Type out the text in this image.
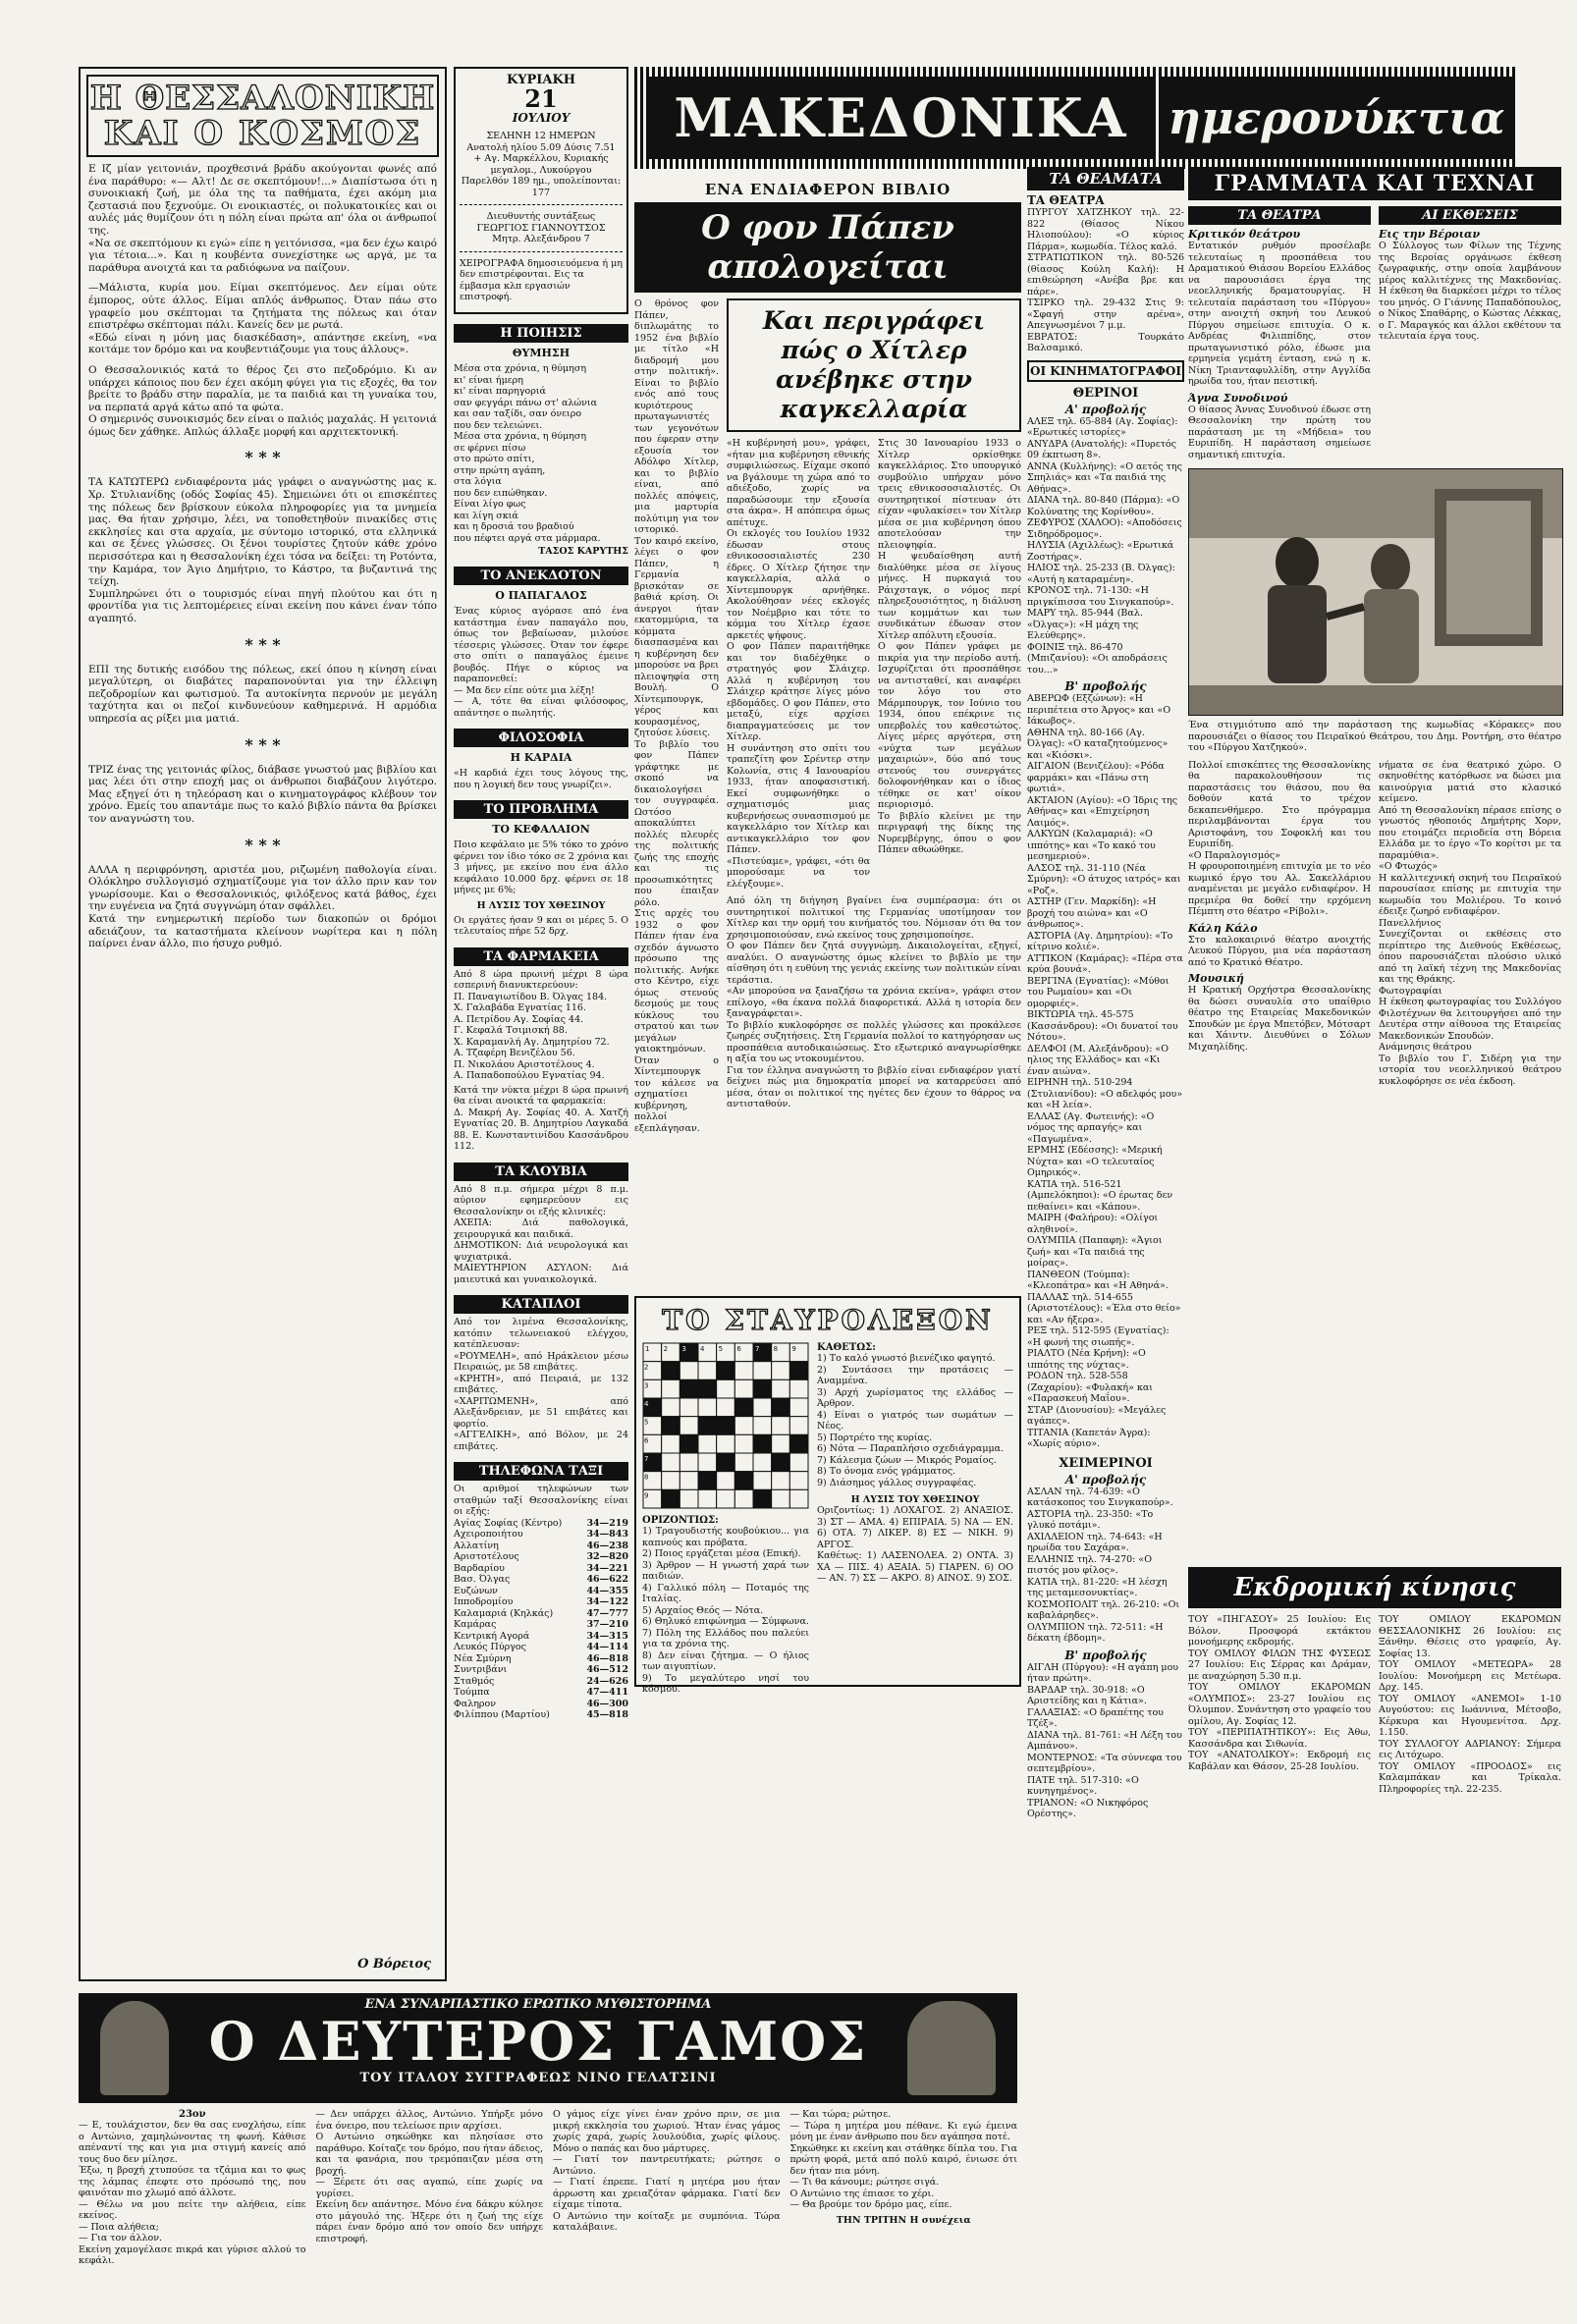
Η ΘΕΣΣΑΛΟΝΙΚΗ
ΚΑΙ Ο ΚΟΣΜΟΣ

Ε Ιζ μίαν γειτονιάν, προχθεσινά βράδυ ακούγονται φωνές από ένα παράθυρο: «— Αλτ! Δε σε σκεπτόμουν!...» Διαπίστωσα ότι η συνοικιακή ζωή, με όλα της τα παθήματα, έχει ακόμη μια ζεστασιά που ξεχνούμε. Οι ενοικιαστές, οι πολυκατοικίες και οι αυλές μάς θυμίζουν ότι η πόλη είναι πρώτα απ' όλα οι άνθρωποί της.
«Να σε σκεπτόμουν κι εγώ» είπε η γειτόνισσα, «μα δεν έχω καιρό για τέτοια...». Και η κουβέντα συνεχίστηκε ως αργά, με τα παράθυρα ανοιχτά και τα ραδιόφωνα να παίζουν.

—Μάλιστα, κυρία μου. Είμαι σκεπτόμενος. Δεν είμαι ούτε έμπορος, ούτε άλλος. Είμαι απλός άνθρωπος. Όταν πάω στο γραφείο μου σκέπτομαι τα ζητήματα της πόλεως και όταν επιστρέφω σκέπτομαι πάλι. Κανείς δεν με ρωτά.
«Εδώ είναι η μόνη μας διασκέδαση», απάντησε εκείνη, «να κοιτάμε τον δρόμο και να κουβεντιάζουμε για τους άλλους».

Ο Θεσσαλονικιός κατά το θέρος ζει στο πεζοδρόμιο. Κι αν υπάρχει κάποιος που δεν έχει ακόμη φύγει για τις εξοχές, θα τον βρείτε το βράδυ στην παραλία, με τα παιδιά και τη γυναίκα του, να περπατά αργά κάτω από τα φώτα.
Ο σημερινός συνοικισμός δεν είναι ο παλιός μαχαλάς. Η γειτονιά όμως δεν χάθηκε. Απλώς άλλαξε μορφή και αρχιτεκτονική.

* * *

ΤΑ ΚΑΤΩΤΕΡΩ ενδιαφέροντα μάς γράφει ο αναγνώστης μας κ. Χρ. Στυλιανίδης (οδός Σοφίας 45). Σημειώνει ότι οι επισκέπτες της πόλεως δεν βρίσκουν εύκολα πληροφορίες για τα μνημεία μας. Θα ήταν χρήσιμο, λέει, να τοποθετηθούν πινακίδες στις εκκλησίες και στα αρχαία, με σύντομο ιστορικό, στα ελληνικά και σε ξένες γλώσσες. Οι ξένοι τουρίστες ζητούν κάθε χρόνο περισσότερα και η Θεσσαλονίκη έχει τόσα να δείξει: τη Ροτόντα, την Καμάρα, τον Άγιο Δημήτριο, το Κάστρο, τα βυζαντινά της τείχη.
Συμπληρώνει ότι ο τουρισμός είναι πηγή πλούτου και ότι η φροντίδα για τις λεπτομέρειες είναι εκείνη που κάνει έναν τόπο αγαπητό.

* * *

ΕΠΙ της δυτικής εισόδου της πόλεως, εκεί όπου η κίνηση είναι μεγαλύτερη, οι διαβάτες παραπονούνται για την έλλειψη πεζοδρομίων και φωτισμού. Τα αυτοκίνητα περνούν με μεγάλη ταχύτητα και οι πεζοί κινδυνεύουν καθημερινά. Η αρμόδια υπηρεσία ας ρίξει μια ματιά.

* * *

ΤΡΙΖ ένας της γειτονιάς φίλος, διάβασε γνωστού μας βιβλίου και μας λέει ότι στην εποχή μας οι άνθρωποι διαβάζουν λιγότερο. Μας εξηγεί ότι η τηλεόραση και ο κινηματογράφος κλέβουν τον χρόνο. Εμείς του απαντάμε πως το καλό βιβλίο πάντα θα βρίσκει τον αναγνώστη του.

* * *

ΑΛΛΑ η περιφρόνηση, αριστέα μου, ριζωμένη παθολογία είναι. Ολόκληρο συλλογισμό σχηματίζουμε για τον άλλο πριν καν τον γνωρίσουμε. Και ο Θεσσαλονικιός, φιλόξενος κατά βάθος, έχει την ευγένεια να ζητά συγγνώμη όταν σφάλλει.
Κατά την ενημερωτική περίοδο των διακοπών οι δρόμοι αδειάζουν, τα καταστήματα κλείνουν νωρίτερα και η πόλη παίρνει έναν άλλο, πιο ήσυχο ρυθμό.

Ο Βόρειος
ΚΥΡΙΑΚΗ
21
ΙΟΥΛΙΟΥ

ΣΕΛΗΝΗ 12 ΗΜΕΡΩΝ
Ανατολή ηλίου 5.09 Δύσις 7.51
+ Αγ. Μαρκέλλου, Κυριακής μεγαλομ., Λυκούργου
Παρελθόν 189 ημ., υπολείπονται: 177

Διευθυντής συντάξεως
ΓΕΩΡΓΙΟΣ ΓΙΑΝΝΟΥΤΣΟΣ
Μητρ. Αλεξάνδρου 7

ΧΕΙΡΟΓΡΑΦΑ δημοσιευόμενα ή μη δεν επιστρέφονται. Εις τα έμβασμα κλπ εργασιών επιστροφή.

Η ΠΟΙΗΣΙΣ
ΘΥΜΗΣΗ

Μέσα στα χρόνια, η θύμηση
κι' είναι ήμερη
κι' είναι παρηγοριά
σαν φεγγάρι πάνω στ' αλώνια
και σαν ταξίδι, σαν όνειρο
που δεν τελειώνει.
Μέσα στα χρόνια, η θύμηση
σε φέρνει πίσω
στο πρώτο σπίτι,
στην πρώτη αγάπη,
στα λόγια
που δεν ειπώθηκαν.
Είναι λίγο φως
και λίγη σκιά
και η δροσιά του βραδιού
που πέφτει αργά στα μάρμαρα.

ΤΑΣΟΣ ΚΑΡΥΤΗΣ
ΤΟ ΑΝΕΚΔΟΤΟΝ
Ο ΠΑΠΑΓΑΛΟΣ

Ένας κύριος αγόρασε από ένα κατάστημα έναν παπαγάλο που, όπως τον βεβαίωσαν, μιλούσε τέσσερις γλώσσες. Όταν τον έφερε στο σπίτι ο παπαγάλος έμεινε βουβός. Πήγε ο κύριος να παραπονεθεί:
— Μα δεν είπε ούτε μια λέξη!
— Α, τότε θα είναι φιλόσοφος, απάντησε ο πωλητής.

ΦΙΛΟΣΟΦΙΑ
Η ΚΑΡΔΙΑ

«Η καρδιά έχει τους λόγους της, που η λογική δεν τους γνωρίζει».

ΤΟ ΠΡΟΒΛΗΜΑ
ΤΟ ΚΕΦΑΛΑΙΟΝ

Ποιο κεφάλαιο με 5% τόκο το χρόνο φέρνει τον ίδιο τόκο σε 2 χρόνια και 3 μήνες, με εκείνο που ένα άλλο κεφάλαιο 10.000 δρχ. φέρνει σε 18 μήνες με 6%;

Η ΛΥΣΙΣ ΤΟΥ ΧΘΕΣΙΝΟΥ

Οι εργάτες ήσαν 9 και οι μέρες 5. Ο τελευταίος πήρε 52 δρχ.

ΤΑ ΦΑΡΜΑΚΕΙΑ

Από 8 ώρα πρωινή μέχρι 8 ώρα εσπερινή διανυκτερεύουν:

Π. Παναγιωτίδου Β. Όλγας 184.
Χ. Γαλαβάδα Εγνατίας 116.
Α. Πετρίδου Αγ. Σοφίας 44.
Γ. Κεφαλά Τσιμισκή 88.
Χ. Καραμανλή Αγ. Δημητρίου 72.
Α. Τζαφέρη Βενιζέλου 56.
Π. Νικολάου Αριστοτέλους 4.
Α. Παπαδοπούλου Εγνατίας 94.

Κατά την νύκτα μέχρι 8 ώρα πρωινή θα είναι ανοικτά τα φαρμακεία:
Δ. Μακρή Αγ. Σοφίας 40. Α. Χατζή Εγνατίας 20. Β. Δημητρίου Λαγκαδά 88. Ε. Κωνσταντινίδου Κασσάνδρου 112.

ΤΑ ΚΛΟΥΒΙΑ

Από 8 π.μ. σήμερα μέχρι 8 π.μ. αύριον εφημερεύουν εις Θεσσαλονίκην οι εξής κλινικές:
ΑΧΕΠΑ: Διά παθολογικά, χειρουργικά και παιδικά.
ΔΗΜΟΤΙΚΟΝ: Διά νευρολογικά και ψυχιατρικά.
ΜΑΙΕΥΤΗΡΙΟΝ ΑΣΥΛΟΝ: Διά μαιευτικά και γυναικολογικά.

ΚΑΤΑΠΛΟΙ

Από τον λιμένα Θεσσαλονίκης, κατόπιν τελωνειακού ελέγχου, κατέπλευσαν:
«ΡΟΥΜΕΛΗ», από Ηράκλειον μέσω Πειραιώς, με 58 επιβάτες.
«ΚΡΗΤΗ», από Πειραιά, με 132 επιβάτες.
«ΧΑΡΙΤΩΜΕΝΗ», από Αλεξάνδρειαν, με 51 επιβάτες και φορτίο.
«ΑΓΓΕΛΙΚΗ», από Βόλον, με 24 επιβάτες.

ΤΗΛΕΦΩΝΑ ΤΑΞΙ

Οι αριθμοί τηλεφώνων των σταθμών ταξί Θεσσαλονίκης είναι οι εξής:

Αγίας Σοφίας (Κέντρο)	34—219
Αχειροποιήτου	34—843
Αλλατίνη	46—238
Αριστοτέλους	32—820
Βαρδαρίου	34—221
Βασ. Όλγας	46—622
Ευζώνων	44—355
Ιπποδρομίου	34—122
Καλαμαριά (Κηλκάς)	47—777
Καμάρας	37—210
Κεντρική Αγορά	34—315
Λευκός Πύργος	44—114
Νέα Σμύρνη	46—818
Συντριβάνι	46—512
Σταθμός	24—626
Τούμπα	47—411
Φαληρον	46—300
Φιλίππου (Μαρτίου)	45—818
ΜΑΚΕΔΟΝΙΚΑ ημερονύκτια
ΕΝΑ ΕΝΔΙΑΦΕΡΟΝ ΒΙΒΛΙΟ
Ο φον Πάπεν απολογείται

Ο θρόνος φον Πάπεν, διπλωμάτης το 1952 ένα βιβλίο με τίτλο «Η διαδρομή μου στην πολιτική». Είναι το βιβλίο ενός από τους κυριότερους πρωταγωνιστές των γεγονότων που έφεραν στην εξουσία τον Αδόλφο Χίτλερ, και το βιβλίο είναι, από πολλές απόψεις, μια μαρτυρία πολύτιμη για τον ιστορικό.
Τον καιρό εκείνο, λέγει ο φον Πάπεν, η Γερμανία βρισκόταν σε βαθιά κρίση. Οι άνεργοι ήταν εκατομμύρια, τα κόμματα διασπασμένα και η κυβέρνηση δεν μπορούσε να βρει πλειοψηφία στη Βουλή. Ο Χίντεμπουργκ, γέρος και κουρασμένος, ζητούσε λύσεις.
Το βιβλίο του φον Πάπεν γράφτηκε με σκοπό να δικαιολογήσει τον συγγραφέα. Ωστόσο αποκαλύπτει πολλές πλευρές της πολιτικής ζωής της εποχής και τις προσωπικότητες που έπαιξαν ρόλο.
Στις αρχές του 1932 ο φον Πάπεν ήταν ένα σχεδόν άγνωστο πρόσωπο της πολιτικής. Ανήκε στο Κέντρο, είχε όμως στενούς δεσμούς με τους κύκλους του στρατού και των μεγάλων γαιοκτημόνων. Όταν ο Χίντεμπουργκ τον κάλεσε να σχηματίσει κυβέρνηση, πολλοί εξεπλάγησαν.

Και περιγράφει πώς ο Χίτλερ
ανέβηκε στην καγκελλαρία

«Η κυβέρνησή μου», γράφει, «ήταν μια κυβέρνηση εθνικής συμφιλιώσεως. Είχαμε σκοπό να βγάλουμε τη χώρα από το αδιέξοδο, χωρίς να παραδώσουμε την εξουσία στα άκρα». Η απόπειρα όμως απέτυχε.
Οι εκλογές του Ιουλίου 1932 έδωσαν στους εθνικοσοσιαλιστές 230 έδρες. Ο Χίτλερ ζήτησε την καγκελλαρία, αλλά ο Χίντεμπουργκ αρνήθηκε. Ακολούθησαν νέες εκλογές τον Νοέμβριο και τότε το κόμμα του Χίτλερ έχασε αρκετές ψήφους.
Ο φον Πάπεν παραιτήθηκε και τον διαδέχθηκε ο στρατηγός φον Σλάιχερ. Αλλά η κυβέρνηση του Σλάιχερ κράτησε λίγες μόνο εβδομάδες. Ο φον Πάπεν, στο μεταξύ, είχε αρχίσει διαπραγματεύσεις με τον Χίτλερ.
Η συνάντηση στο σπίτι του τραπεζίτη φον Σρέντερ στην Κολωνία, στις 4 Ιανουαρίου 1933, ήταν αποφασιστική. Εκεί συμφωνήθηκε ο σχηματισμός μιας κυβερνήσεως συνασπισμού με καγκελλάριο τον Χίτλερ και αντικαγκελλάριο τον φον Πάπεν.
«Πιστεύαμε», γράφει, «ότι θα μπορούσαμε να τον ελέγξουμε».

Στις 30 Ιανουαρίου 1933 ο Χίτλερ ορκίσθηκε καγκελλάριος. Στο υπουργικό συμβούλιο υπήρχαν μόνο τρεις εθνικοσοσιαλιστές. Οι συντηρητικοί πίστευαν ότι είχαν «φυλακίσει» τον Χίτλερ μέσα σε μια κυβέρνηση όπου αποτελούσαν την πλειοψηφία.
Η ψευδαίσθηση αυτή διαλύθηκε μέσα σε λίγους μήνες. Η πυρκαγιά του Ράιχσταγκ, ο νόμος περί πληρεξουσιότητος, η διάλυση των κομμάτων και των συνδικάτων έδωσαν στον Χίτλερ απόλυτη εξουσία.
Ο φον Πάπεν γράφει με πικρία για την περίοδο αυτή. Ισχυρίζεται ότι προσπάθησε να αντισταθεί, και αναφέρει τον λόγο του στο Μάρμπουργκ, τον Ιούνιο του 1934, όπου επέκρινε τις υπερβολές του καθεστώτος. Λίγες μέρες αργότερα, στη «νύχτα των μεγάλων μαχαιριών», δύο από τους στενούς του συνεργάτες δολοφονήθηκαν και ο ίδιος τέθηκε σε κατ' οίκον περιορισμό.
Το βιβλίο κλείνει με την περιγραφή της δίκης της Νυρεμβέργης, όπου ο φον Πάπεν αθωώθηκε.

Από όλη τη διήγηση βγαίνει ένα συμπέρασμα: ότι οι συντηρητικοί πολιτικοί της Γερμανίας υποτίμησαν τον Χίτλερ και την ορμή του κινήματός του. Νόμισαν ότι θα τον χρησιμοποιούσαν, ενώ εκείνος τους χρησιμοποίησε.
Ο φον Πάπεν δεν ζητά συγγνώμη. Δικαιολογείται, εξηγεί, αναλύει. Ο αναγνώστης όμως κλείνει το βιβλίο με την αίσθηση ότι η ευθύνη της γενιάς εκείνης των πολιτικών είναι τεράστια.
«Αν μπορούσα να ξαναζήσω τα χρόνια εκείνα», γράφει στον επίλογο, «θα έκανα πολλά διαφορετικά. Αλλά η ιστορία δεν ξαναγράφεται».
Το βιβλίο κυκλοφόρησε σε πολλές γλώσσες και προκάλεσε ζωηρές συζητήσεις. Στη Γερμανία πολλοί το κατηγόρησαν ως προσπάθεια αυτοδικαιώσεως. Στο εξωτερικό αναγνωρίσθηκε η αξία του ως ντοκουμέντου.
Για τον έλληνα αναγνώστη το βιβλίο είναι ενδιαφέρον γιατί δείχνει πώς μια δημοκρατία μπορεί να καταρρεύσει από μέσα, όταν οι πολιτικοί της ηγέτες δεν έχουν το θάρρος να αντισταθούν.

ΤΟ ΣΤΑΥΡΟΛΕΞΟΝ
1 2 3 4 5 6 7 8 9
2
3
4
5
6
7
8
9
ΟΡΙΖΟΝΤΙΩΣ:

1) Τραγουδιστής κουβούκιου... για καπνούς και πρόβατα.
2) Ποιος εργάζεται μέσα (Επική).
3) Άρθρον — Η γνωστή χαρά των παιδιών.
4) Γαλλικό πόλη — Ποταμός της Ιταλίας.
5) Αρχαίος Θεός — Νότα.
6) Θηλυκό επιφώνημα — Σύμφωνα.
7) Πόλη της Ελλάδος που παλεύει για τα χρόνια της.
8) Δεν είναι ζήτημα. — Ο ήλιος των αιγυπτίων.
9) Το μεγαλύτερο νησί του κόσμου.

ΚΑΘΕΤΩΣ:

1) Το καλό γνωστό βιενέζικο φαγητό.
2) Συντάσσει την προτάσεις — Αναμμένα.
3) Αρχή χωρίσματος της ελλάδος — Άρθρον.
4) Είναι ο γιατρός των σωμάτων — Νέος.
5) Πορτρέτο της κυρίας.
6) Νότα — Παραπλήσιο σχεδιάγραμμα.
7) Κάλεσμα ζώων — Μικρός Ρομαίος.
8) Το όνομα ενός γράμματος.
9) Διάσημος γάλλος συγγραφέας.

Η ΛΥΣΙΣ ΤΟΥ ΧΘΕΣΙΝΟΥ

Οριζοντίως: 1) ΛΟΧΑΓΟΣ. 2) ΑΝΑΞΙΟΣ. 3) ΣΤ — ΑΜΑ. 4) ΕΠΙΡΑΙΑ. 5) ΝΑ — ΕΝ. 6) ΟΤΑ. 7) ΛΙΚΕΡ. 8) ΕΣ — ΝΙΚΗ. 9) ΑΡΓΟΣ.
Καθέτως: 1) ΛΑΣΕΝΟΛΕΑ. 2) ΟΝΤΑ. 3) ΧΑ — ΠΙΣ. 4) ΑΞΑΙΑ. 5) ΓΙΑΡΕΝ. 6) ΟΟ — ΑΝ. 7) ΣΣ — ΑΚΡΟ. 8) ΑΙΝΟΣ. 9) ΣΟΣ.

ΤΑ ΘΕΑΜΑΤΑ
ΤΑ ΘΕΑΤΡΑ

ΠΥΡΓΟΥ ΧΑΤΖΗΚΟΥ τηλ. 22-822 (Θίασος Νίκου Ηλιοπούλου): «Ο κύριος Πάρμα», κωμωδία. Τέλος καλό.
ΣΤΡΑΤΙΩΤΙΚΟΝ τηλ. 80-526 (θίασος Κούλη Καλή): Η επιθεώρηση «Ανέβα βρε και πάρε».
ΤΣΙΡΚΟ τηλ. 29-432 Στις 9: «Σφαγή στην αρένα», Απεγνωσμένοι 7 μ.μ.
ΕΒΡΑΤΟΣ: Τουρκάτο Βαλσαμικό.

ΟΙ ΚΙΝΗΜΑΤΟΓΡΑΦΟΙ
ΘΕΡΙΝΟΙ
Α' προβολής

ΑΛΕΞ τηλ. 65-884 (Αγ. Σοφίας): «Ερωτικές ιστορίες»
ΑΝΥΔΡΑ (Ανατολής): «Πυρετός 09 έκπτωση 8».
ΑΝΝΑ (Κυλλήνης): «Ο αετός της Σπηλιάς» και «Τα παιδιά της Αθήνας».
ΔΙΑΝΑ τηλ. 80-840 (Πάρμα): «Ο Κολύνατης της Κορίνθου».
ΖΕΦΥΡΟΣ (ΧΑΛΟΟ): «Αποδόσεις Σιδηρόδρομος».
ΗΛΥΣΙΑ (Αχιλλέως): «Ερωτικά Ζοστήρας».
ΗΛΙΟΣ τηλ. 25-233 (Β. Όλγας): «Αυτή η καταραμένη».
ΚΡΟΝΟΣ τηλ. 71-130: «Η πριγκίπισσα του Σινγκαπούρ».
ΜΑΡΥ τηλ. 85-944 (Βαλ. «Όλγας»): «Η μάχη της Ελεύθερης».
ΦΟΙΝΙΞ τηλ. 86-470 (Μπιζανίου): «Οι αποδράσεις του...»

Β' προβολής

ΑΒΕΡΩΦ (Εξζώνων): «Η περιπέτεια στο Άργος» και «Ο Ιάκωβος».
ΑΘΗΝΑ τηλ. 80-166 (Αγ. Όλγας): «Ο καταζητούμενος» και «Κιόσκι».
ΑΙΓΑΙΟΝ (Βενιζέλου): «Ρόδα φαρμάκι» και «Πάνω στη φωτιά».
ΑΚΤΑΙΟΝ (Αγίου): «Ο Ίδρις της Αθήνας» και «Επιχείρηση Λαιμός».
ΑΛΚΥΩΝ (Καλαμαριά): «Ο ιππότης» και «Το κακό του μεσημεριού».
ΑΛΣΟΣ τηλ. 31-110 (Νέα Σμύρνη): «Ο άτυχος ιατρός» και «Ροζ».
ΑΣΤΗΡ (Γεν. Μαρκίδη): «Η βροχή του αιώνα» και «Ο άνθρωπος».
ΑΣΤΟΡΙΑ (Αγ. Δημητρίου): «Το κίτρινο κολιέ».
ΑΤΤΙΚΟΝ (Καμάρας): «Πέρα στα κρύα βουνά».
ΒΕΡΓΙΝΑ (Εγνατίας): «Μύθοι του Ρωμαίου» και «Οι ομορφιές».
ΒΙΚΤΩΡΙΑ τηλ. 45-575 (Κασσάνδρου): «Οι δυνατοί του Νότου».
ΔΕΛΦΟΙ (Μ. Αλεξάνδρου): «Ο ηλιος της Ελλάδος» και «Κι έναν αιώνα».
ΕΙΡΗΝΗ τηλ. 510-294 (Στυλιανίδου): «Ο αδελφός μου» και «Η λεία».
ΕΛΛΑΣ (Αγ. Φωτεινής): «Ο νόμος της αρπαγής» και «Παγωμένα».
ΕΡΜΗΣ (Εδέσσης): «Μερική Νύχτα» και «Ο τελευταίος Ομηρικός».
ΚΑΤΙΑ τηλ. 516-521 (Αμπελόκηποι): «Ο έρωτας δεν πεθαίνει» και «Κάπου».
ΜΑΙΡΗ (Φαλήρου): «Ολίγοι αληθινοί».
ΟΛΥΜΠΙΑ (Παπαφη): «Άγιοι ζωή» και «Τα παιδιά της μοίρας».
ΠΑΝΘΕΟΝ (Τούμπα): «Κλεοπάτρα» και «Η Αθηνά».
ΠΑΛΛΑΣ τηλ. 514-655 (Αριστοτέλους): «Έλα στο θείο» και «Αν ήξερα».
ΡΕΞ τηλ. 512-595 (Εγνατίας): «Η φωνή της σιωπής».
ΡΙΑΛΤΟ (Νέα Κρήνη): «Ο ιππότης της νύχτας».
ΡΟΔΟΝ τηλ. 528-558 (Ζαχαρίου): «Φυλακή» και «Παρασκευή Μαΐου».
ΣΤΑΡ (Διονυσίου): «Μεγάλες αγάπες».
ΤΙΤΑΝΙΑ (Καπετάν Άγρα): «Χωρίς αύριο».

ΧΕΙΜΕΡΙΝΟΙ
Α' προβολής

ΑΣΛΑΝ τηλ. 74-639: «Ο κατάσκοπος του Σινγκαπούρ».
ΑΣΤΟΡΙΑ τηλ. 23-350: «Το γλυκό ποτάμι».
ΑΧΙΛΛΕΙΟΝ τηλ. 74-643: «Η ηρωίδα του Σαχάρα».
ΕΛΛΗΝΙΣ τηλ. 74-270: «Ο πιστός μου φίλος».
ΚΑΤΙΑ τηλ. 81-220: «Η λέσχη της μεταμεσονυκτίας».
ΚΟΣΜΟΠΟΛΙΤ τηλ. 26-210: «Οι καβαλάρηδες».
ΟΛΥΜΠΙΟΝ τηλ. 72-511: «Η δέκατη έβδομη».

Β' προβολής

ΑΙΓΛΗ (Πύργου): «Η αγάπη μου ήταν πρώτη».
ΒΑΡΔΑΡ τηλ. 30-918: «Ο Αριστείδης και η Κάτια».
ΓΑΛΑΞΙΑΣ: «Ο δραπέτης του Τζέξ».
ΔΙΑΝΑ τηλ. 81-761: «Η Λέξη του Αμπάνου».
ΜΟΝΤΕΡΝΟΣ: «Τα σύννεφα του σεπτεμβρίου».
ΠΑΤΕ τηλ. 517-310: «Ο κυνηγημένος».
ΤΡΙΑΝΟΝ: «Ο Νικηφόρος Ορέστης».

ΓΡΑΜΜΑΤΑ ΚΑΙ ΤΕΧΝΑΙ
ΤΑ ΘΕΑΤΡΑ
Κριτικόν θεάτρου

Εντατικόν ρυθμόν προσέλαβε τελευταίως η προσπάθεια του Δραματικού Θιάσου Βορείου Ελλάδος να παρουσιάσει έργα της νεοελληνικής δραματουργίας. Η τελευταία παράσταση του «Πύργου» στην ανοιχτή σκηνή του Λευκού Πύργου σημείωσε επιτυχία. Ο κ. Ανδρέας Φιλιππίδης, στον πρωταγωνιστικό ρόλο, έδωσε μια ερμηνεία γεμάτη ένταση, ενώ η κ. Νίκη Τριανταφυλλίδη, στην Αγγλίδα ηρωίδα του, ήταν πειστική.

Άγνα Συνοδινού

Ο θίασος Άννας Συνοδινού έδωσε στη Θεσσαλονίκη την πρώτη του παράσταση με τη «Μήδεια» του Ευριπίδη. Η παράσταση σημείωσε σημαντική επιτυχία.

ΑΙ ΕΚΘΕΣΕΙΣ
Εις την Βέροιαν

Ο Σύλλογος των Φίλων της Τέχνης της Βεροίας οργάνωσε έκθεση ζωγραφικής, στην οποία λαμβάνουν μέρος καλλιτέχνες της Μακεδονίας. Η έκθεση θα διαρκέσει μέχρι το τέλος του μηνός. Ο Γιάννης Παπαδόπουλος, ο Νίκος Σπαθάρης, ο Κώστας Λέκκας, ο Γ. Μαραγκός και άλλοι εκθέτουν τα τελευταία έργα τους.

Ένα στιγμιότυπο από την παράσταση της κωμωδίας «Κόρακες» που παρουσιάζει ο θίασος του Πειραϊκού Θεάτρου, του Δημ. Ροντήρη, στο θέατρο του «Πύργου Χατζηκού».

Πολλοί επισκέπτες της Θεσσαλονίκης θα παρακολουθήσουν τις παραστάσεις του θιάσου, που θα δοθούν κατά το τρέχον δεκαπενθήμερο. Στο πρόγραμμα περιλαμβάνονται έργα του Αριστοφάνη, του Σοφοκλή και του Ευριπίδη.
«Ο Παραλογισμός»
Η φρουροποιημένη επιτυχία με το νέο κωμικό έργο του Αλ. Σακελλάριου αναμένεται με μεγάλο ενδιαφέρον. Η πρεμιέρα θα δοθεί την ερχόμενη Πέμπτη στο θέατρο «Ρίβολι».

Κάλη Κάλο

Στο καλοκαιρινό θέατρο ανοιχτής Λευκού Πύργου, μια νέα παράσταση από το Κρατικό Θέατρο.

Μουσική

Η Κρατική Ορχήστρα Θεσσαλονίκης θα δώσει συναυλία στο υπαίθριο θέατρο της Εταιρείας Μακεδονικών Σπουδών με έργα Μπετόβεν, Μότσαρτ και Χάιντν. Διευθύνει ο Σόλων Μιχαηλίδης.

νήματα σε ένα θεατρικό χώρο. Ο σκηνοθέτης κατόρθωσε να δώσει μια καινούργια ματιά στο κλασικό κείμενο.
Από τη Θεσσαλονίκη πέρασε επίσης ο γνωστός ηθοποιός Δημήτρης Χορν, που ετοιμάζει περιοδεία στη Βόρεια Ελλάδα με το έργο «Το κορίτσι με τα παραμύθια».
«Ο Φτωχός»
Η καλλιτεχνική σκηνή του Πειραϊκού παρουσίασε επίσης με επιτυχία την κωμωδία του Μολιέρου. Το κοινό έδειξε ζωηρό ενδιαφέρον.
Πανελλήνιος
Συνεχίζονται οι εκθέσεις στο περίπτερο της Διεθνούς Εκθέσεως, όπου παρουσιάζεται πλούσιο υλικό από τη λαϊκή τέχνη της Μακεδονίας και της Θράκης.
Φωτογραφίαι
Η έκθεση φωτογραφίας του Συλλόγου Φιλοτέχνων θα λειτουργήσει από την Δευτέρα στην αίθουσα της Εταιρείας Μακεδονικών Σπουδών.
Ανάμνησις θεάτρου
Το βιβλίο του Γ. Σιδέρη για την ιστορία του νεοελληνικού θεάτρου κυκλοφόρησε σε νέα έκδοση.

Εκδρομική κίνησις

ΤΟΥ «ΠΗΓΑΣΟΥ» 25 Ιουλίου: Εις Βόλον. Προσφορά εκτάκτου μονοήμερης εκδρομής.
ΤΟΥ ΟΜΙΛΟΥ ΦΙΛΩΝ ΤΗΣ ΦΥΣΕΩΣ 27 Ιουλίου: Εις Σέρρας και Δράμαν, με αναχώρηση 5.30 π.μ.
ΤΟΥ ΟΜΙΛΟΥ ΕΚΔΡΟΜΩΝ «ΟΛΥΜΠΟΣ»: 23-27 Ιουλίου εις Όλυμπον. Συνάντηση στο γραφείο του ομίλου, Αγ. Σοφίας 12.
ΤΟΥ «ΠΕΡΙΠΑΤΗΤΙΚΟΥ»: Εις Άθω, Κασσάνδρα και Σιθωνία.
ΤΟΥ «ΑΝΑΤΟΛΙΚΟΥ»: Εκδρομή εις Καβάλαν και Θάσον, 25-28 Ιουλίου.

ΤΟΥ ΟΜΙΛΟΥ ΕΚΔΡΟΜΩΝ ΘΕΣΣΑΛΟΝΙΚΗΣ 26 Ιουλίου: εις Ξάνθην. Θέσεις στο γραφείο, Αγ. Σοφίας 13.
ΤΟΥ ΟΜΙΛΟΥ «ΜΕΤΕΩΡΑ» 28 Ιουλίου: Μονοήμερη εις Μετέωρα. Δρχ. 145.
ΤΟΥ ΟΜΙΛΟΥ «ΑΝΕΜΟΙ» 1-10 Αυγούστου: εις Ιωάννινα, Μέτσοβο, Κέρκυρα και Ηγουμενίτσα. Δρχ. 1.150.
ΤΟΥ ΣΥΛΛΟΓΟΥ ΑΔΡΙΑΝΟΥ: Σήμερα εις Λιτόχωρο.
ΤΟΥ ΟΜΙΛΟΥ «ΠΡΟΟΔΟΣ» εις Καλαμπάκαν και Τρίκαλα. Πληροφορίες τηλ. 22-235.

ΕΝΑ ΣΥΝΑΡΠΑΣΤΙΚΟ ΕΡΩΤΙΚΟ ΜΥΘΙΣΤΟΡΗΜΑ
Ο ΔΕΥΤΕΡΟΣ ΓΑΜΟΣ
ΤΟΥ ΙΤΑΛΟΥ ΣΥΓΓΡΑΦΕΩΣ ΝΙΝΟ ΓΕΛΑΤΣΙΝΙ
23ον

— Ε, τουλάχιστον, δεν θα σας ενοχλήσω, είπε ο Αντώνιο, χαμηλώνοντας τη φωνή. Κάθισε απέναντί της και για μια στιγμή κανείς από τους δυο δεν μίλησε.
Έξω, η βροχή χτυπούσε τα τζάμια και το φως της λάμπας έπεφτε στο πρόσωπό της, που φαινόταν πιο χλωμό από άλλοτε.
— Θέλω να μου πείτε την αλήθεια, είπε εκείνος.
— Ποια αλήθεια;
— Για τον άλλον.
Εκείνη χαμογέλασε πικρά και γύρισε αλλού το κεφάλι.

— Δεν υπάρχει άλλος, Αντώνιο. Υπήρξε μόνο ένα όνειρο, που τελείωσε πριν αρχίσει.
Ο Αντώνιο σηκώθηκε και πλησίασε στο παράθυρο. Κοίταζε τον δρόμο, που ήταν άδειος, και τα φανάρια, που τρεμόπαιζαν μέσα στη βροχή.
— Ξέρετε ότι σας αγαπώ, είπε χωρίς να γυρίσει.
Εκείνη δεν απάντησε. Μόνο ένα δάκρυ κύλησε στο μάγουλό της. Ήξερε ότι η ζωή της είχε πάρει έναν δρόμο από τον οποίο δεν υπήρχε επιστροφή.

Ο γάμος είχε γίνει έναν χρόνο πριν, σε μια μικρή εκκλησία του χωριού. Ήταν ένας γάμος χωρίς χαρά, χωρίς λουλούδια, χωρίς φίλους. Μόνο ο παπάς και δυο μάρτυρες.
— Γιατί τον παντρευτήκατε; ρώτησε ο Αντώνιο.
— Γιατί έπρεπε. Γιατί η μητέρα μου ήταν άρρωστη και χρειαζόταν φάρμακα. Γιατί δεν είχαμε τίποτα.
Ο Αντώνιο την κοίταξε με συμπόνια. Τώρα καταλάβαινε.

— Και τώρα; ρώτησε.
— Τώρα η μητέρα μου πέθανε. Κι εγώ έμεινα μόνη με έναν άνθρωπο που δεν αγάπησα ποτέ.
Σηκώθηκε κι εκείνη και στάθηκε δίπλα του. Για πρώτη φορά, μετά από πολύ καιρό, ένιωσε ότι δεν ήταν πια μόνη.
— Τι θα κάνουμε; ρώτησε σιγά.
Ο Αντώνιο της έπιασε το χέρι.
— Θα βρούμε τον δρόμο μας, είπε.

ΤΗΝ ΤΡΙΤΗΝ Η συνέχεια
